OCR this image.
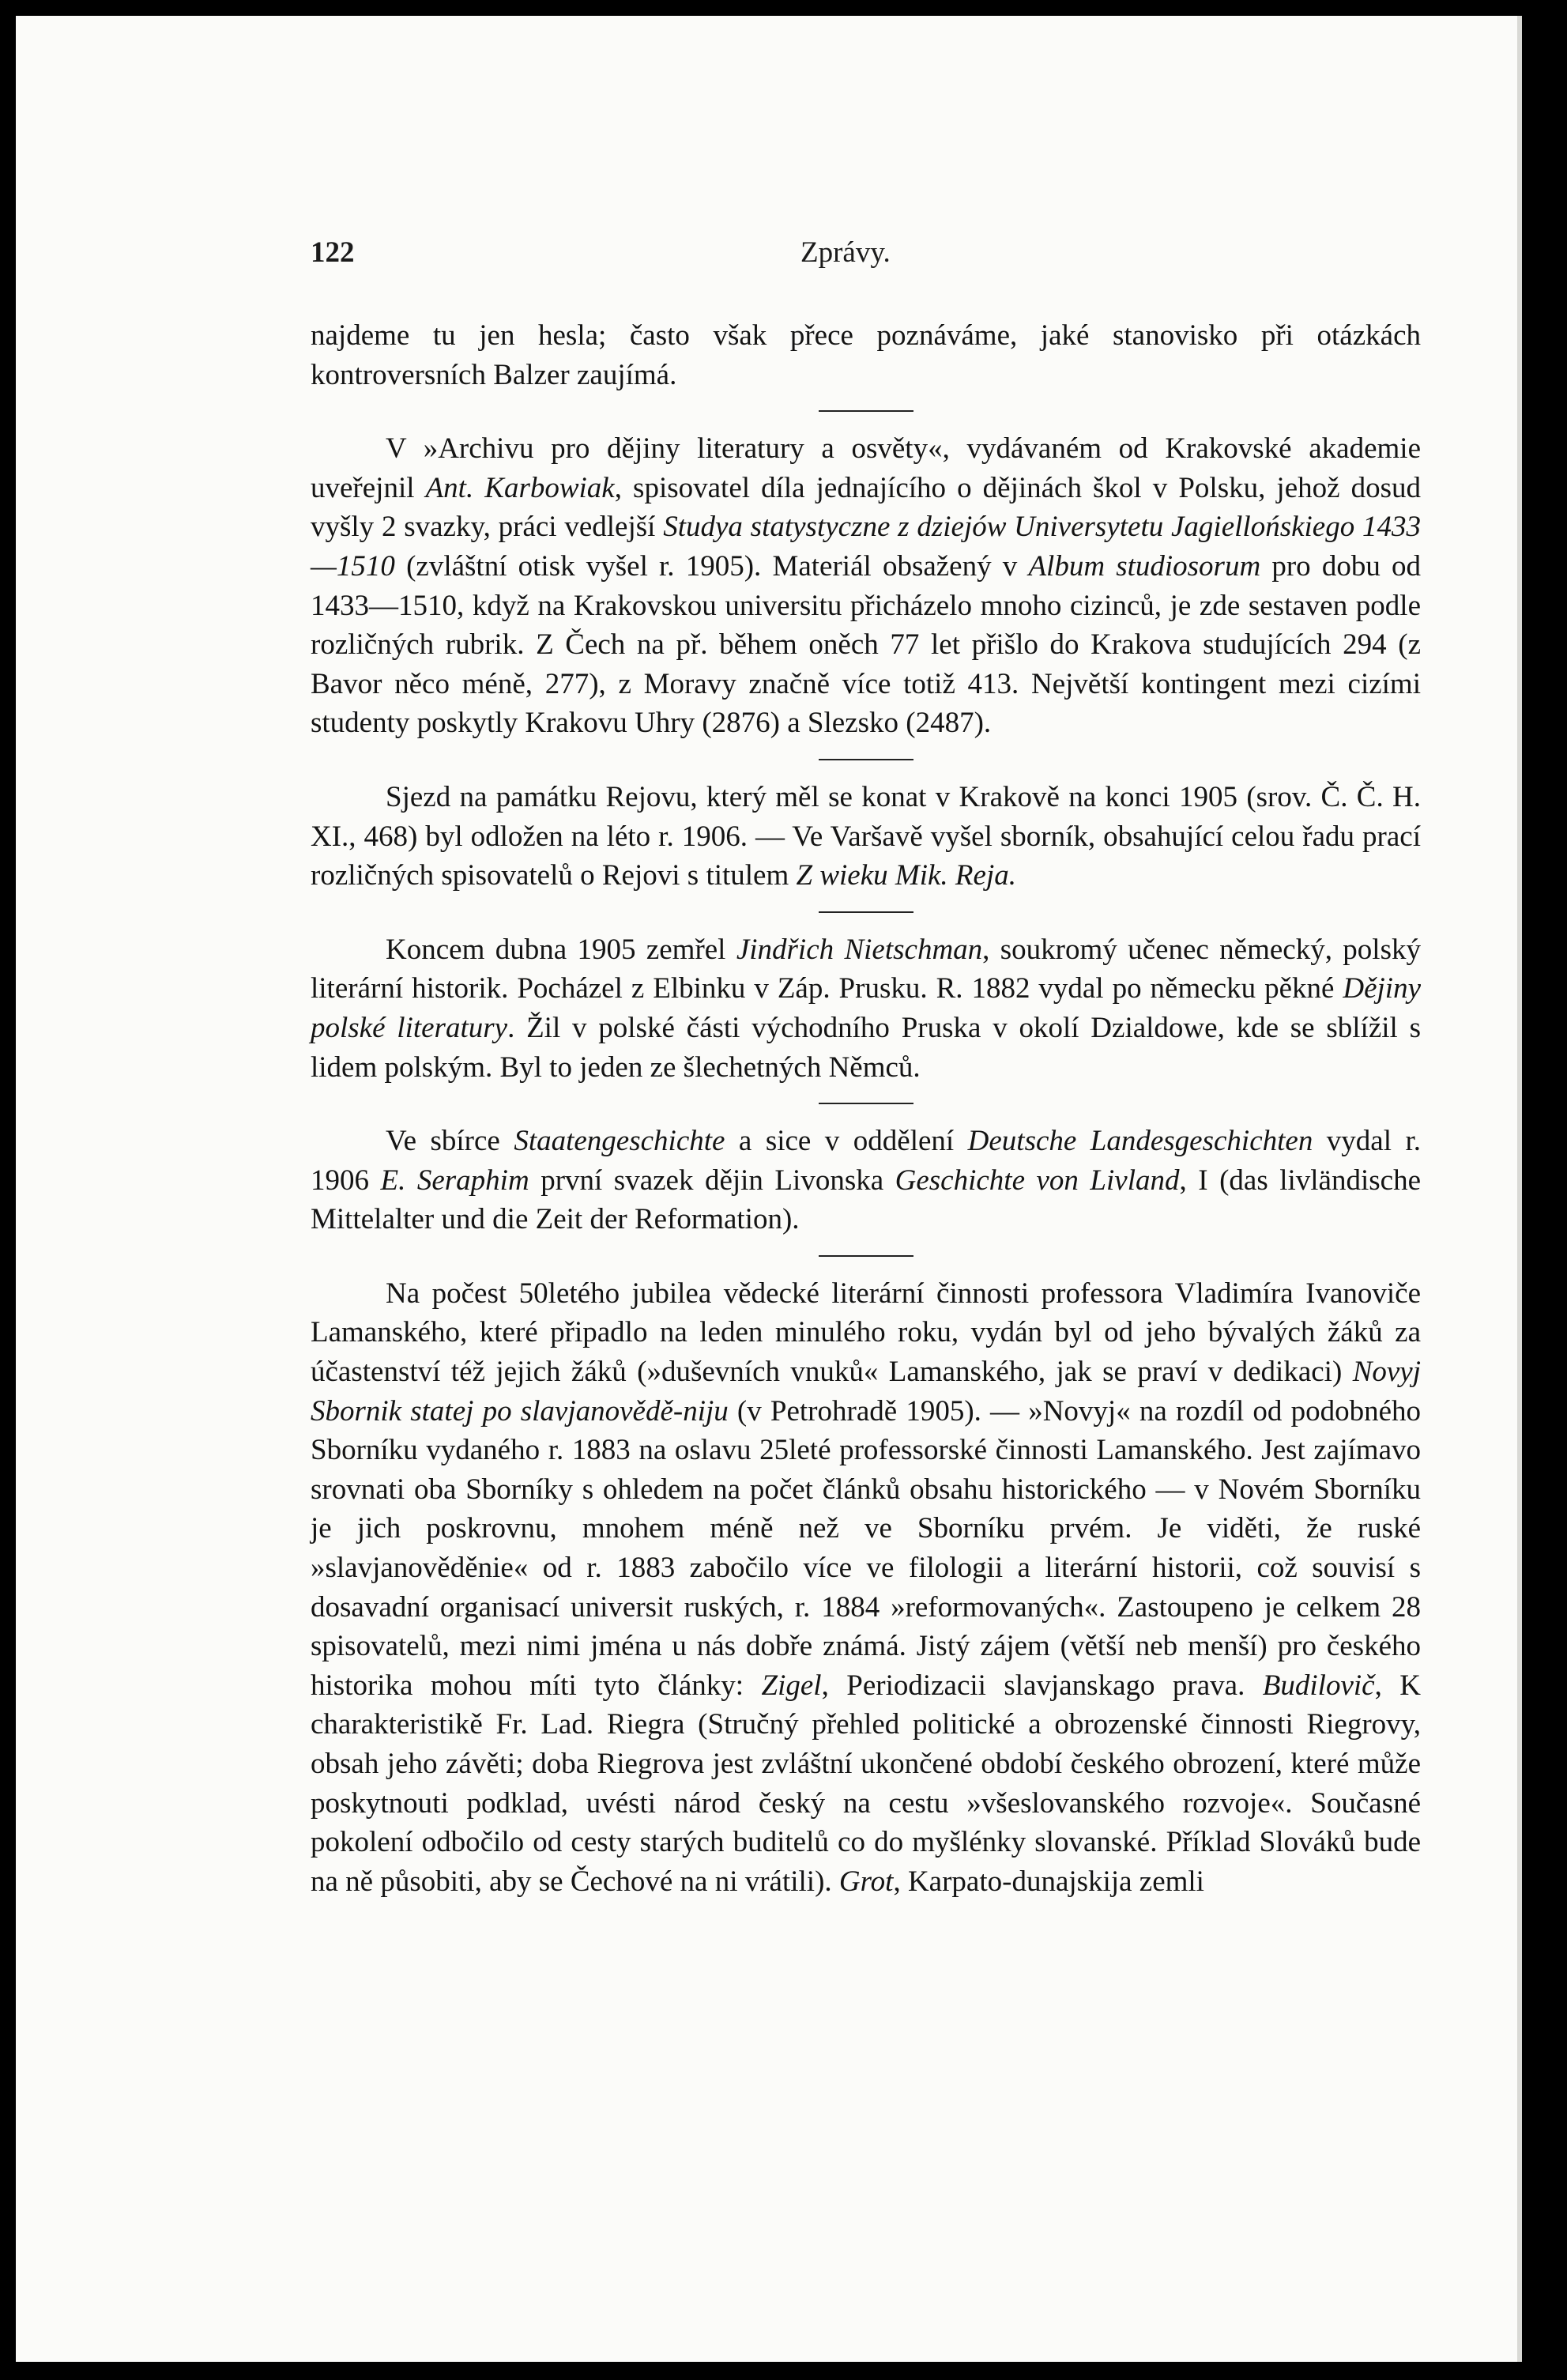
122	Zprávy.

najdeme tu jen hesla; často však přece poznáváme, jaké stanovisko při otázkách kontroversních Balzer zaujímá.

V »Archivu pro dějiny literatury a osvěty«, vydávaném od Krakovské akademie uveřejnil Ant. Karbowiak, spisovatel díla jednajícího o dějinách škol v Polsku, jehož dosud vyšly 2 svazky, práci vedlejší Studya statystyczne z dziejów Universytetu Jagiellońskiego 1433—1510 (zvláštní otisk vyšel r. 1905). Materiál obsažený v Album studiosorum pro dobu od 1433—1510, když na Krakovskou universitu přicházelo mnoho cizinců, je zde sestaven podle rozličných rubrik. Z Čech na př. během oněch 77 let přišlo do Krakova studujících 294 (z Bavor něco méně, 277), z Moravy značně více totiž 413. Největší kontingent mezi cizími studenty poskytly Krakovu Uhry (2876) a Slezsko (2487).

Sjezd na památku Rejovu, který měl se konat v Krakově na konci 1905 (srov. Č. Č. H. XI., 468) byl odložen na léto r. 1906. — Ve Varšavě vyšel sborník, obsahující celou řadu prací rozličných spisovatelů o Rejovi s titulem Z wieku Mik. Reja.

Koncem dubna 1905 zemřel Jindřich Nietschman, soukromý učenec německý, polský literární historik. Pocházel z Elbinku v Záp. Prusku. R. 1882 vydal po německu pěkné Dějiny polské literatury. Žil v polské části východního Pruska v okolí Dzialdowe, kde se sblížil s lidem polským. Byl to jeden ze šlechetných Němců.

Ve sbírce Staatengeschichte a sice v oddělení Deutsche Landesgeschichten vydal r. 1906 E. Seraphim první svazek dějin Livonska Geschichte von Livland, I (das livländische Mittelalter und die Zeit der Reformation).

Na počest 50letého jubilea vědecké literární činnosti professora Vladimíra Ivanoviče Lamanského, které připadlo na leden minulého roku, vydán byl od jeho bývalých žáků za účastenství též jejich žáků (»duševních vnuků« Lamanského, jak se praví v dedikaci) Novyj Sbornik statej po slavjanovědě-niju (v Petrohradě 1905). — »Novyj« na rozdíl od podobného Sborníku vydaného r. 1883 na oslavu 25leté professorské činnosti Lamanského. Jest zajímavo srovnati oba Sborníky s ohledem na počet článků obsahu historického — v Novém Sborníku je jich poskrovnu, mnohem méně než ve Sborníku prvém. Je viděti, že ruské »slavjanověděnie« od r. 1883 zabočilo více ve filologii a literární historii, což souvisí s dosavadní organisací universit ruských, r. 1884 »reformovaných«. Zastoupeno je celkem 28 spisovatelů, mezi nimi jména u nás dobře známá. Jistý zájem (větší neb menší) pro českého historika mohou míti tyto články: Zigel, Periodizacii slavjanskago prava. Budilovič, K charakteristikě Fr. Lad. Riegra (Stručný přehled politické a obrozenské činnosti Riegrovy, obsah jeho závěti; doba Riegrova jest zvláštní ukončené období českého obrození, které může poskytnouti podklad, uvésti národ český na cestu »všeslovanského rozvoje«. Současné pokolení odbočilo od cesty starých buditelů co do myšlénky slovanské. Příklad Slováků bude na ně působiti, aby se Čechové na ni vrátili). Grot, Karpato-dunajskija zemli
